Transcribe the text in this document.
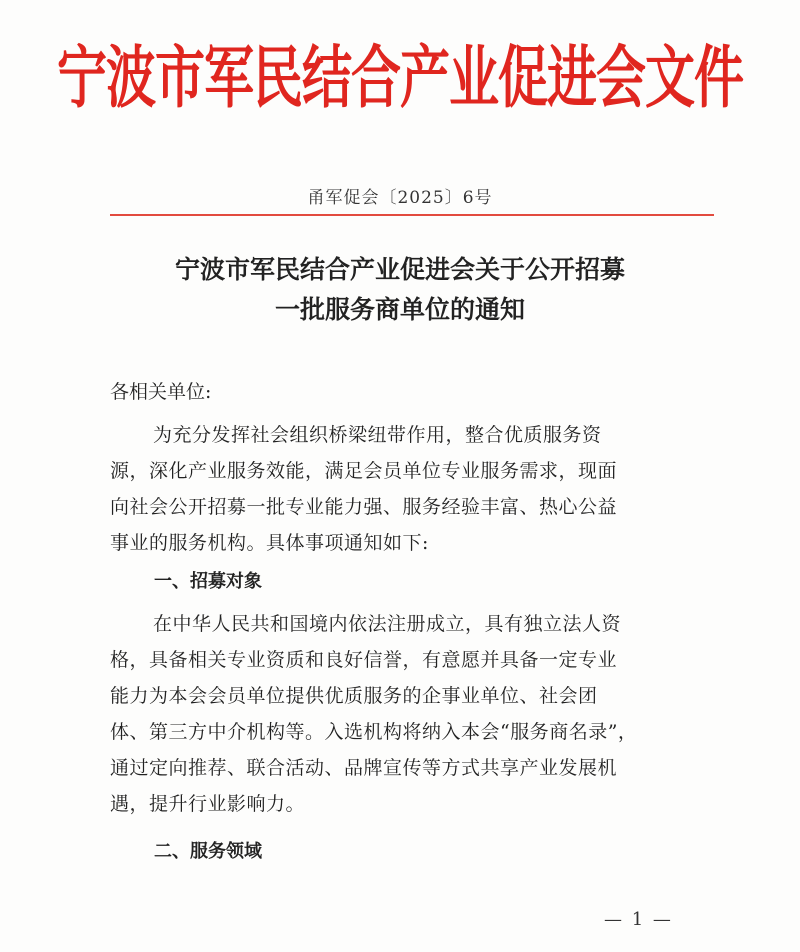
宁波市军民结合产业促进会文件
甬军促会〔2025〕6号
宁波市军民结合产业促进会关于公开招募
一批服务商单位的通知
各相关单位:
为充分发挥社会组织桥梁纽带作用，整合优质服务资
源，深化产业服务效能，满足会员单位专业服务需求，现面
向社会公开招募一批专业能力强、服务经验丰富、热心公益
事业的服务机构。具体事项通知如下:
一、招募对象
在中华人民共和国境内依法注册成立，具有独立法人资
格，具备相关专业资质和良好信誉，有意愿并具备一定专业
能力为本会会员单位提供优质服务的企事业单位、社会团
体、第三方中介机构等。入选机构将纳入本会“服务商名录”，
通过定向推荐、联合活动、品牌宣传等方式共享产业发展机
遇，提升行业影响力。
二、服务领域
— 1 —
